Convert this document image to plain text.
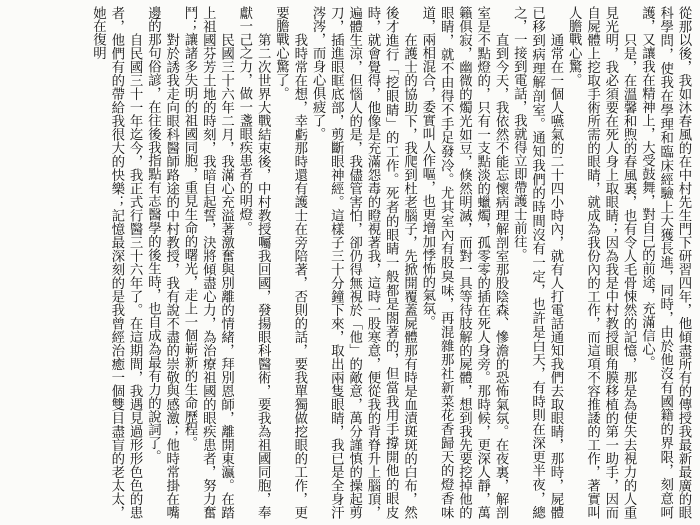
從那以後，我如沐春風的在中村先生門下研習四年，他傾盡所有的傳授我最新最廣的眼科學問，使我在學理和臨床經驗上大獲長進，同時，由於他沒有國籍的界限，刻意呵護，又讓我在精神上，大受鼓舞，對自己的前途，充滿信心。

只是，在溫馨和煦的春風裏，也有令人毛骨悚然的記憶，那是為使失去視力的人重見光明，我必須要在死人身上取眼睛；因為我是中村教授眼角膜移植的第一助手，因而自屍體上挖取手術所需的眼睛，就成為我份內的工作，而這項不容推諉的工作，著實叫人膽戰心驚。

通常在一個人嚥氣的二十四小時內，就有人打電話通知我們去取眼睛，那時，屍體已移到病理解剖室。通知我們的時間沒有一定，也許是白天，有時則在深更半夜，總之，一接到電話，我就得立即帶護士前往。

直到今天，我依然不能忘懷病理解剖室那股陰森、慘澹的恐怖氣氛。在夜裏，解剖室是不點燈的，只有一支點淡的蠟燭，孤零零的插在死人身旁。那時候，更深人靜，萬籟俱寂，幽微的燭光如豆，倏然明滅，而對一具等待肢解的屍體，想到我先要挖掉他的眼睛，就不由得不手足發冷。尤其室內有股臭味，再混雜那社新菜花香歸天的燈香味道，兩相混合，委實叫人作嘔，也更增加悸怖的氣氛。

在護士的協助下，我爬到杜老腦子，先掀開覆蓋屍體那有時是血漬斑斑的白布，然後才進行「挖眼睛」的工作。死者的眼睛一般都是閤著的，但當我用手撐開他的眼皮時，就會覺得，他像是充滿怨毒的瞪視著我，這時一股寒意，便從我的背脊升上腦頂，遍體生涼，但惱人的是，我儘管害怕，卻仍得無視於「他」的敵意，萬分謹慎的操起剪刀，插進眼眶底部，剪斷眼神經。這樣子三十分鐘下來，取出兩隻眼睛，我已是全身汗涔涔，而身心俱疲了。

我時常在想，幸虧那時還有護士在旁陪著，否則的話，要我單獨做挖眼的工作，更要膽戰心驚了。

第二次世界大戰結束後，中村教授囑我回國，發揚眼科醫術，要我為祖國同胞，奉獻一己之力，做一盞眼疾患者的明燈。

民國三十六年二月，我滿心充溢著激奮與別離的情緒，拜別恩師，離開東瀛。在踏上祖國芬芳土地的時刻，我暗自起誓，決將傾盡心力，為治療祖國的眼疾患者，努力奮鬥；讓諸多失明的祖國同胞，重見生命的曙光，走上一個嶄新的生命歷程。

對於誘我走向眼科醫師路途的中村教授，我有說不盡的崇敬與感激；他時常掛在嘴邊的那句俗諺，在往後我指點有志醫學的後生時，也自成為最有力的說詞了。

自民國三十一年迄今，我正式行醫三十六年了。在這期間，我遇見過形形色色的患者，他們有的帶給我很大的快樂；記憶最深刻的是我曾經治癒一個雙目盡盲的老太太，她在復明
